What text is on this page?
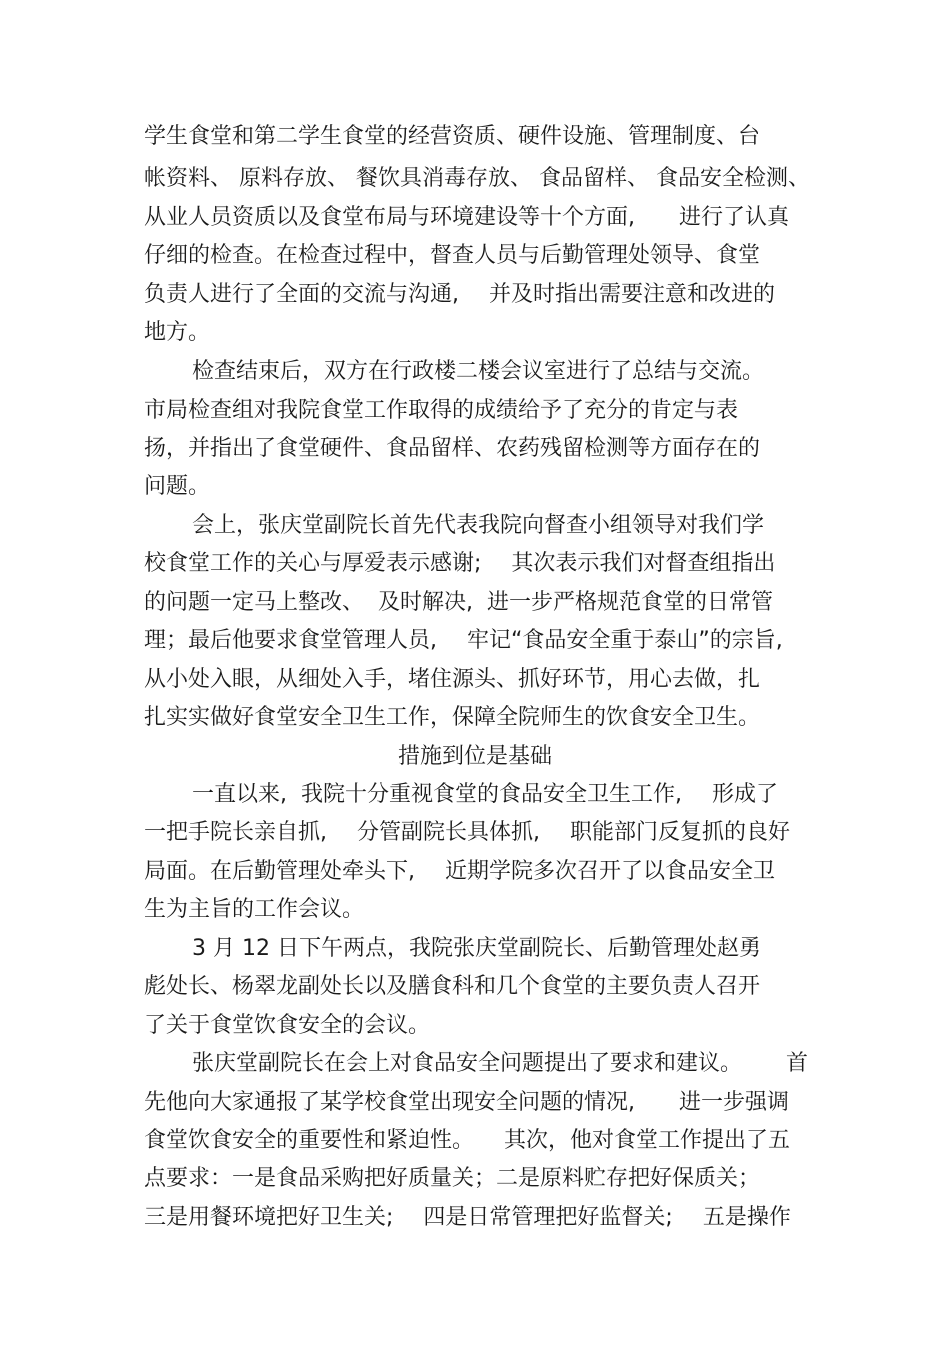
学生食堂和第二学生食堂的经营资质、硬件设施、管理制度、台
帐资料、 原料存放、 餐饮具消毒存放、 食品留样、 食品安全检测、
从业人员资质以及食堂布局与环境建设等十个方面, 进行了认真
仔细的检查。在检查过程中，督查人员与后勤管理处领导、食堂
负责人进行了全面的交流与沟通, 并及时指出需要注意和改进的
地方。
检查结束后，双方在行政楼二楼会议室进行了总结与交流。
市局检查组对我院食堂工作取得的成绩给予了充分的肯定与表
扬，并指出了食堂硬件、食品留样、农药残留检测等方面存在的
问题。
会上，张庆堂副院长首先代表我院向督查小组领导对我们学
校食堂工作的关心与厚爱表示感谢; 其次表示我们对督查组指出
的问题一定马上整改、 及时解决, 进一步严格规范食堂的日常管
理；最后他要求食堂管理人员, 牢记“食品安全重于泰山”的宗旨,
从小处入眼，从细处入手，堵住源头、抓好环节，用心去做，扎
扎实实做好食堂安全卫生工作，保障全院师生的饮食安全卫生。
措施到位是基础
一直以来, 我院十分重视食堂的食品安全卫生工作, 形成了
一把手院长亲自抓, 分管副院长具体抓, 职能部门反复抓的良好
局面。在后勤管理处牵头下, 近期学院多次召开了以食品安全卫
生为主旨的工作会议。
3 月 12 日下午两点，我院张庆堂副院长、后勤管理处赵勇
彪处长、杨翠龙副处长以及膳食科和几个食堂的主要负责人召开
了关于食堂饮食安全的会议。
张庆堂副院长在会上对食品安全问题提出了要求和建议。 首
先他向大家通报了某学校食堂出现安全问题的情况, 进一步强调
食堂饮食安全的重要性和紧迫性。 其次，他对食堂工作提出了五
点要求：一是食品采购把好质量关；二是原料贮存把好保质关；
三是用餐环境把好卫生关; 四是日常管理把好监督关; 五是操作
